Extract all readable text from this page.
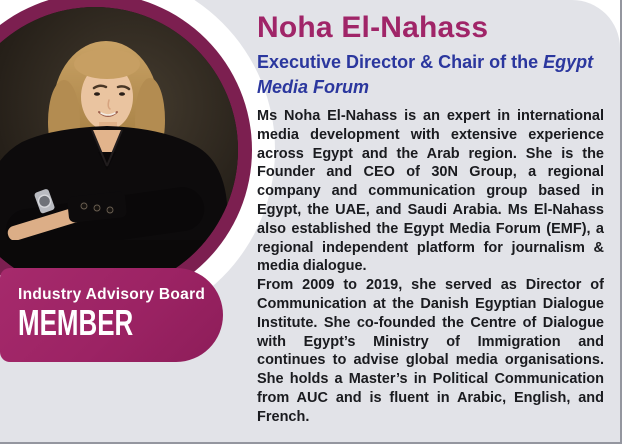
Industry Advisory Board
MEMBER
Noha El-Nahass
Executive Director & Chair of the Egypt Media Forum

Ms Noha El-Nahass is an expert in international media development with extensive experience across Egypt and the Arab region. She is the Founder and CEO of 30N Group, a regional company and communication group based in Egypt, the UAE, and Saudi Arabia. Ms El-Nahass also established the Egypt Media Forum (EMF), a regional independent platform for journalism & media dialogue.

From 2009 to 2019, she served as Director of Communication at the Danish Egyptian Dialogue Institute. She co-founded the Centre of Dialogue with Egypt’s Ministry of Immigration and continues to advise global media organisations. She holds a Master’s in Political Communication from AUC and is fluent in Arabic, English, and French.
